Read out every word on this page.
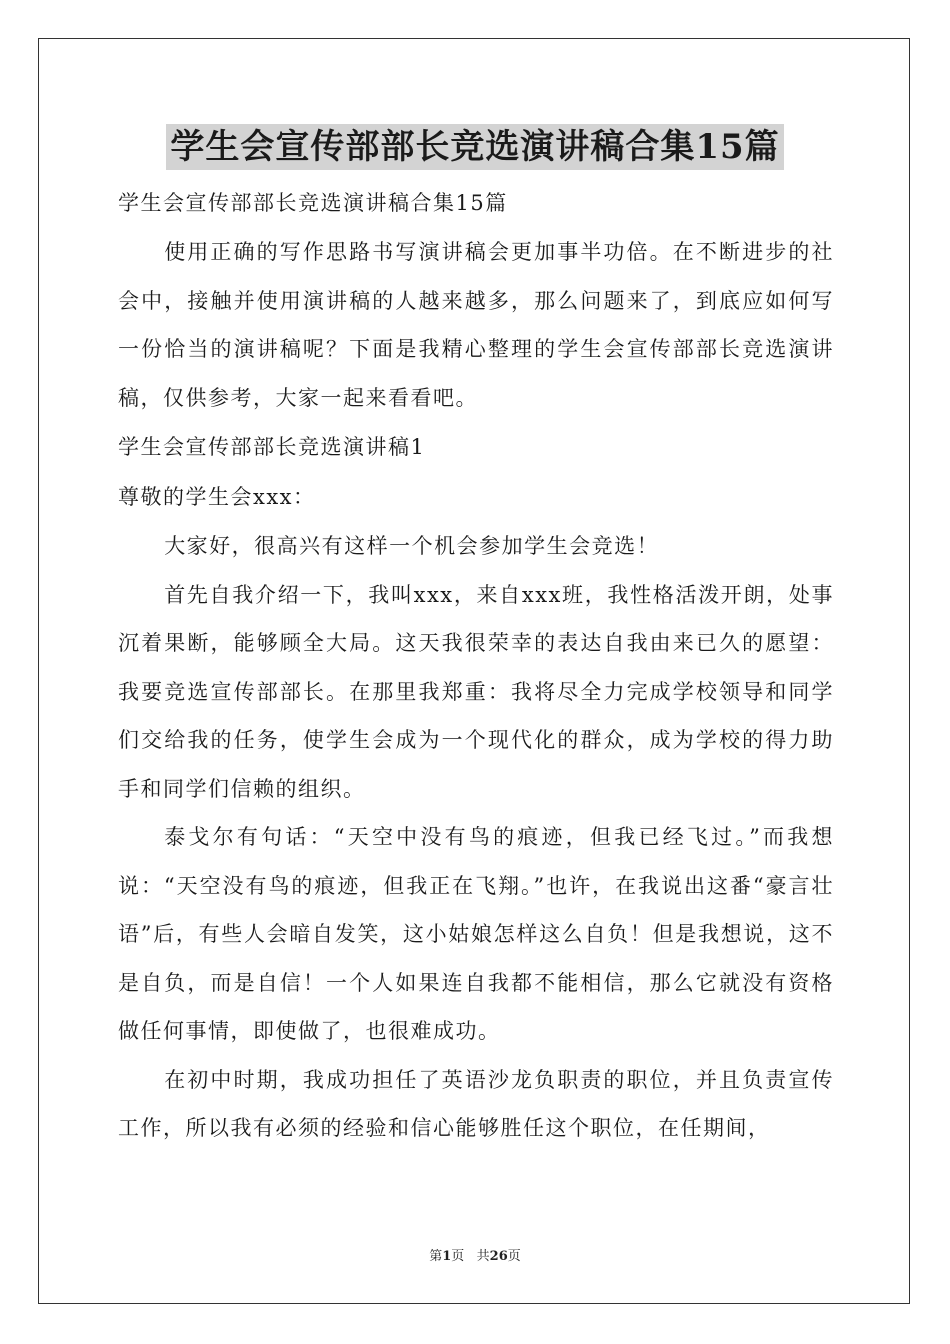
学生会宣传部部长竞选演讲稿合集15篇

学生会宣传部部长竞选演讲稿合集15篇

使用正确的写作思路书写演讲稿会更加事半功倍。在不断进步的社会中，接触并使用演讲稿的人越来越多，那么问题来了，到底应如何写一份恰当的演讲稿呢？下面是我精心整理的学生会宣传部部长竞选演讲稿，仅供参考，大家一起来看看吧。

学生会宣传部部长竞选演讲稿1

尊敬的学生会xxx：

大家好，很高兴有这样一个机会参加学生会竞选！

首先自我介绍一下，我叫xxx，来自xxx班，我性格活泼开朗，处事沉着果断，能够顾全大局。这天我很荣幸的表达自我由来已久的愿望：我要竞选宣传部部长。在那里我郑重：我将尽全力完成学校领导和同学们交给我的任务，使学生会成为一个现代化的群众，成为学校的得力助手和同学们信赖的组织。

泰戈尔有句话：“天空中没有鸟的痕迹，但我已经飞过。”而我想说：“天空没有鸟的痕迹，但我正在飞翔。”也许，在我说出这番“豪言壮语”后，有些人会暗自发笑，这小姑娘怎样这么自负！但是我想说，这不是自负，而是自信！一个人如果连自我都不能相信，那么它就没有资格做任何事情，即使做了，也很难成功。

在初中时期，我成功担任了英语沙龙负职责的职位，并且负责宣传工作，所以我有必须的经验和信心能够胜任这个职位，在任期间，

第1页   共26页
